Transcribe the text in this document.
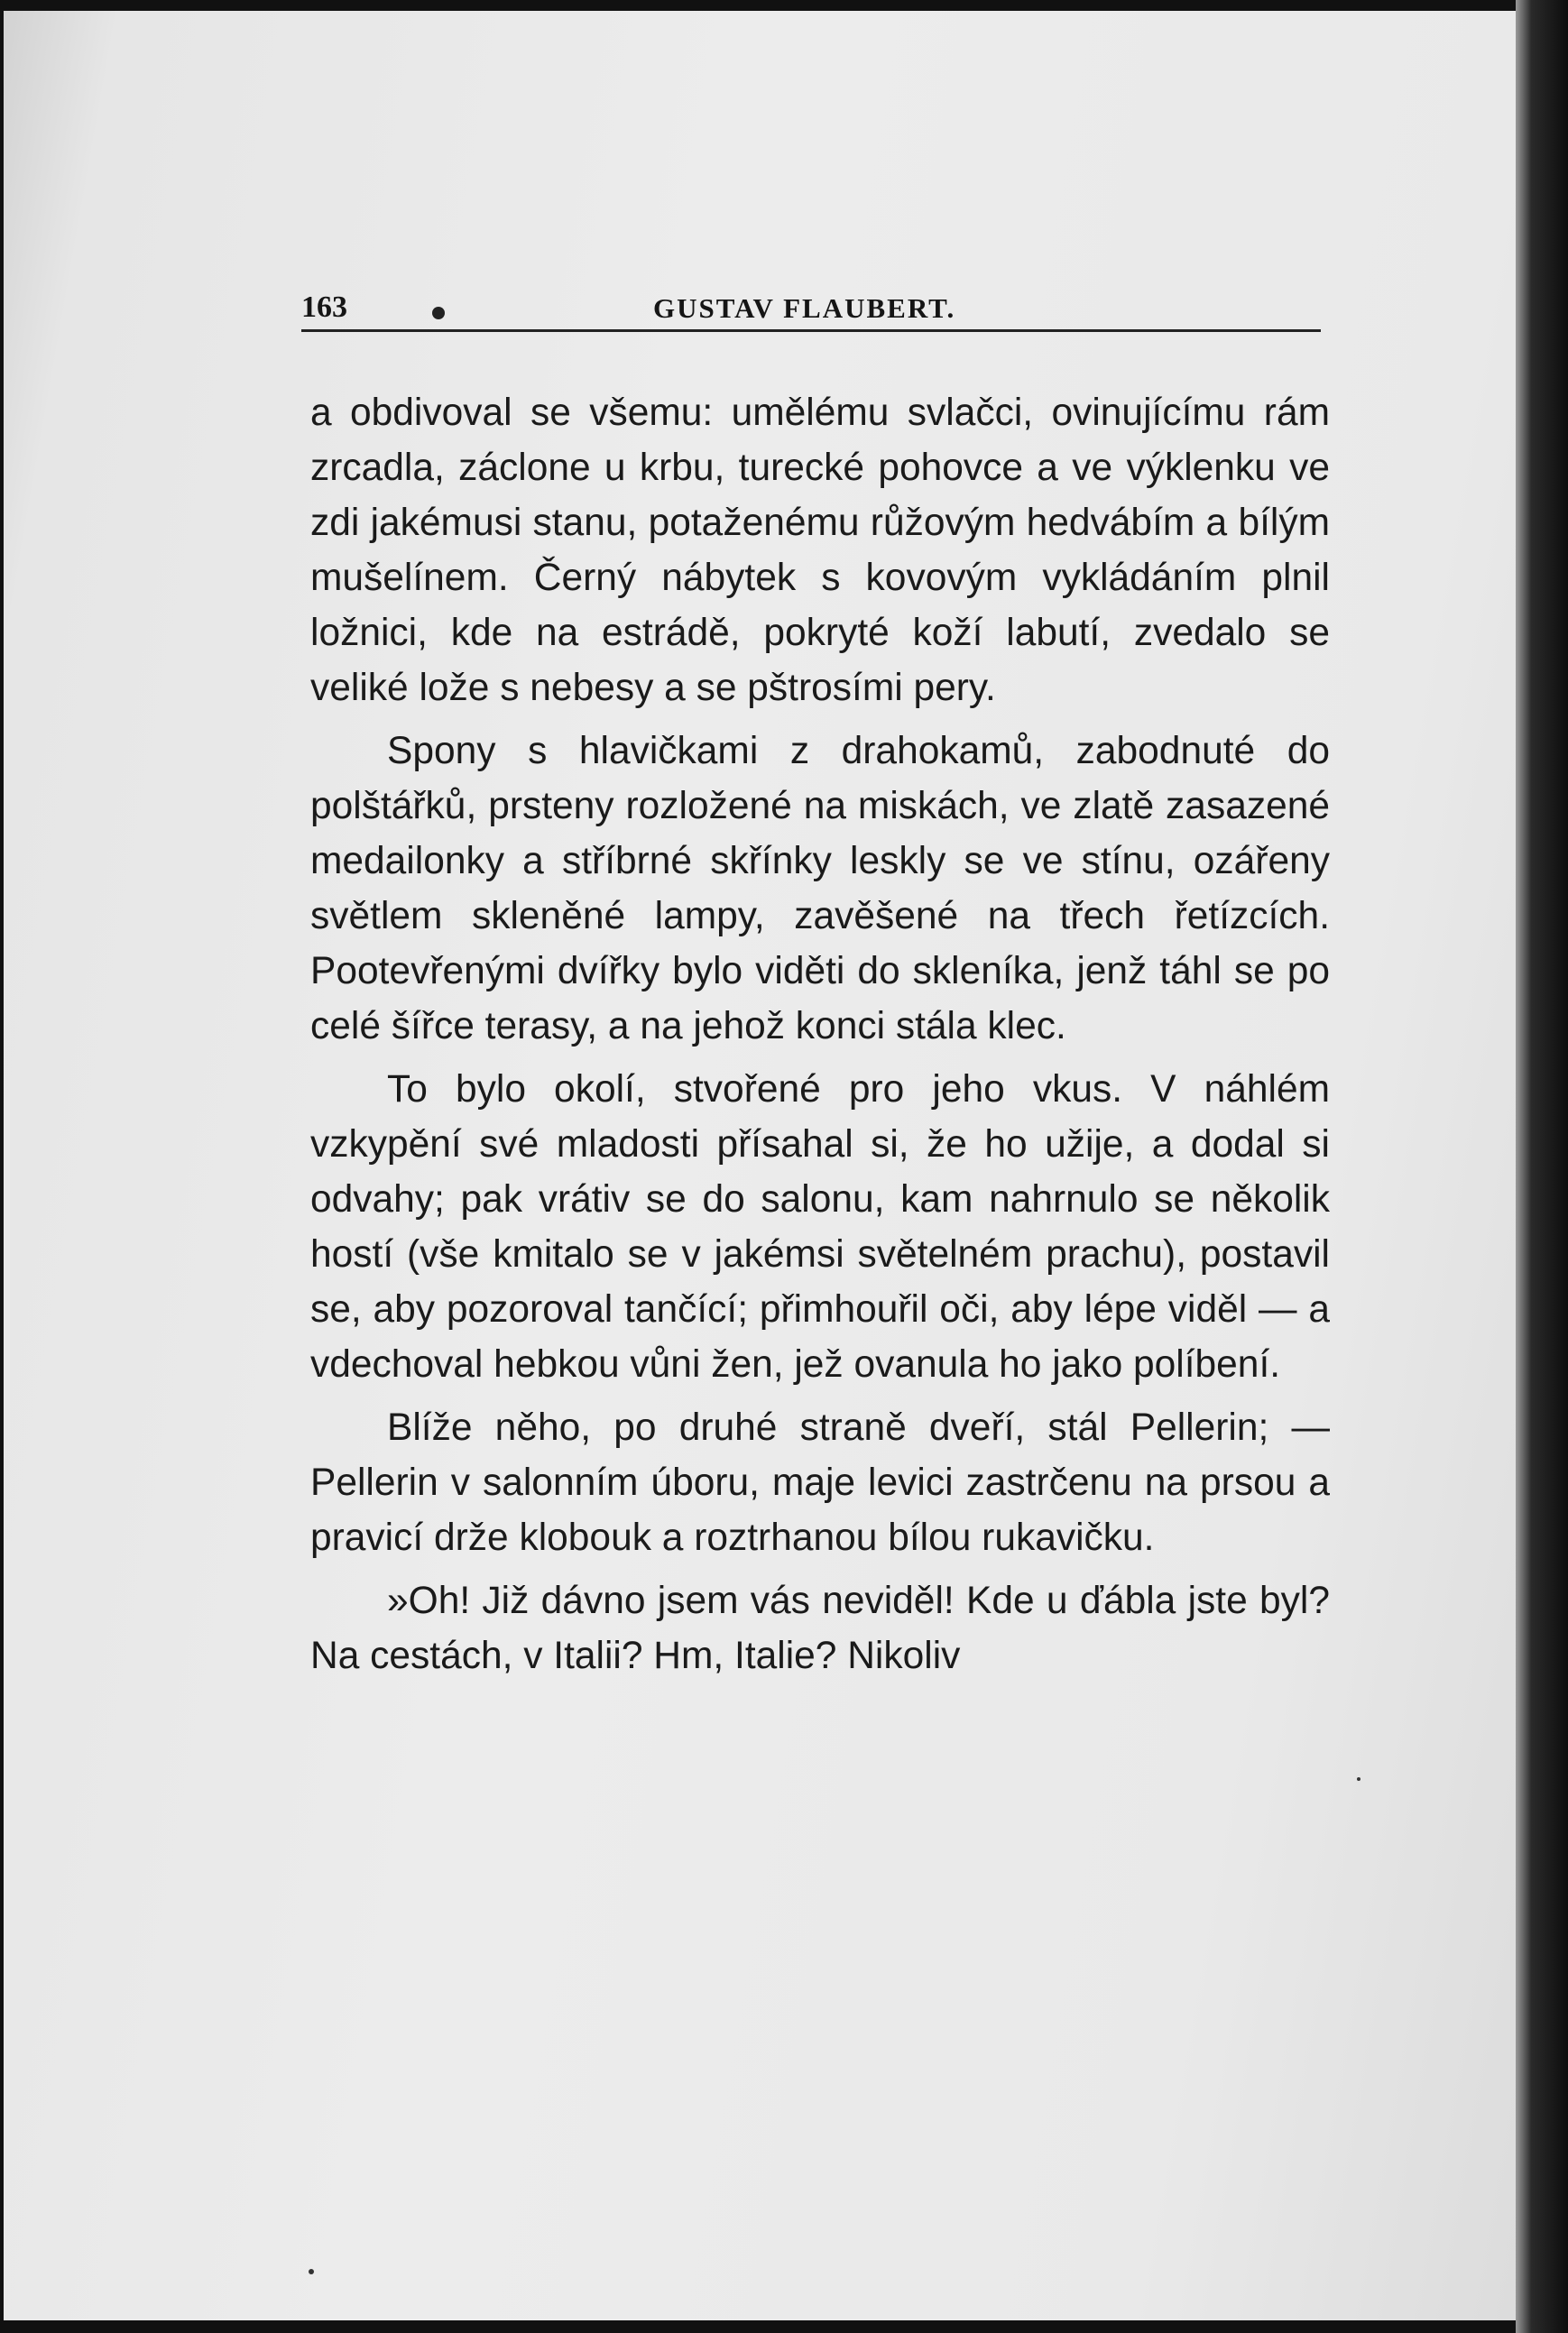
163	GUSTAV FLAUBERT.

a obdivoval se všemu: umělému svlačci, ovinujícímu rám zrcadla, záclone u krbu, turecké pohovce a ve výklenku ve zdi jakémusi stanu, potaženému růžovým hedvábím a bílým mušelínem. Černý nábytek s kovovým vykládáním plnil ložnici, kde na estrádě, pokryté koží labutí, zvedalo se veliké lože s nebesy a se pštrosími pery.

Spony s hlavičkami z drahokamů, zabodnuté do polštářků, prsteny rozložené na miskách, ve zlatě zasazené medailonky a stříbrné skřínky leskly se ve stínu, ozářeny světlem skleněné lampy, zavěšené na třech řetízcích. Pootevřenými dvířky bylo viděti do skleníka, jenž táhl se po celé šířce terasy, a na jehož konci stála klec.

To bylo okolí, stvořené pro jeho vkus. V náhlém vzkypění své mladosti přísahal si, že ho užije, a dodal si odvahy; pak vrátiv se do salonu, kam nahrnulo se několik hostí (vše kmitalo se v jakémsi světelném prachu), postavil se, aby pozoroval tančící; přimhouřil oči, aby lépe viděl — a vdechoval hebkou vůni žen, jež ovanula ho jako políbení.

Blíže něho, po druhé straně dveří, stál Pellerin; — Pellerin v salonním úboru, maje levici zastrčenu na prsou a pravicí drže klobouk a roztrhanou bílou rukavičku.

»Oh! Již dávno jsem vás neviděl! Kde u ďábla jste byl? Na cestách, v Italii? Hm, Italie? Nikoliv
